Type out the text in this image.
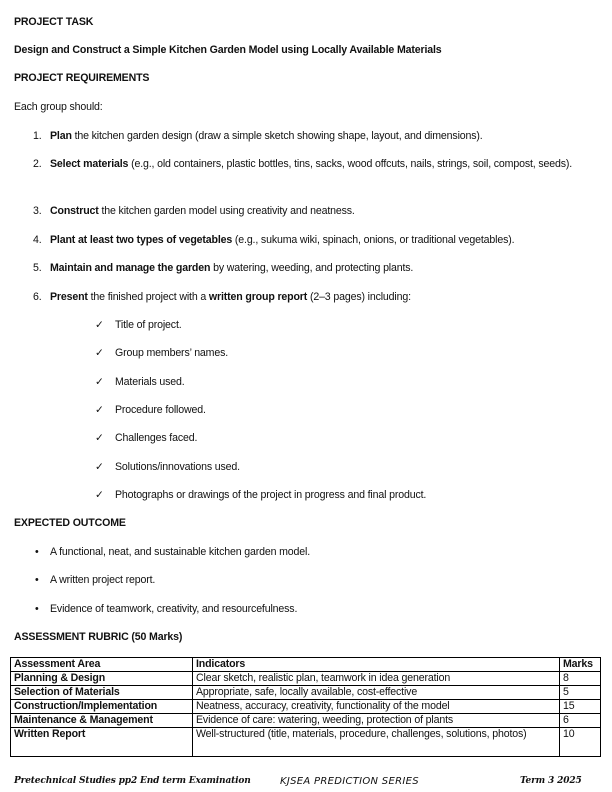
PROJECT TASK
Design and Construct a Simple Kitchen Garden Model using Locally Available Materials
PROJECT REQUIREMENTS
Each group should:
1. Plan the kitchen garden design (draw a simple sketch showing shape, layout, and dimensions).
2. Select materials (e.g., old containers, plastic bottles, tins, sacks, wood offcuts, nails, strings, soil, compost, seeds).
3. Construct the kitchen garden model using creativity and neatness.
4. Plant at least two types of vegetables (e.g., sukuma wiki, spinach, onions, or traditional vegetables).
5. Maintain and manage the garden by watering, weeding, and protecting plants.
6. Present the finished project with a written group report (2–3 pages) including:
✓ Title of project.
✓ Group members’ names.
✓ Materials used.
✓ Procedure followed.
✓ Challenges faced.
✓ Solutions/innovations used.
✓ Photographs or drawings of the project in progress and final product.
EXPECTED OUTCOME
• A functional, neat, and sustainable kitchen garden model.
• A written project report.
• Evidence of teamwork, creativity, and resourcefulness.
ASSESSMENT RUBRIC (50 Marks)
Assessment Area	Indicators	Marks
Planning & Design	Clear sketch, realistic plan, teamwork in idea generation	8
Selection of Materials	Appropriate, safe, locally available, cost-effective	5
Construction/Implementation	Neatness, accuracy, creativity, functionality of the model	15
Maintenance & Management	Evidence of care: watering, weeding, protection of plants	6
Written Report	Well-structured (title, materials, procedure, challenges, solutions, photos)	10
Pretechnical Studies pp2 End term Examination	KJSEA PREDICTION SERIES	Term 3 2025
